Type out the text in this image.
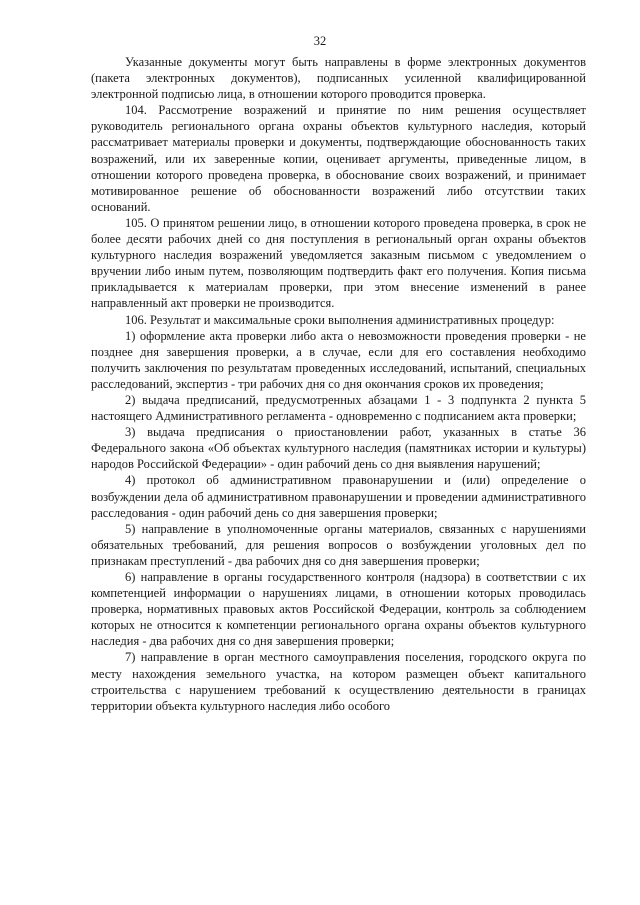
32

Указанные документы могут быть направлены в форме электронных документов (пакета электронных документов), подписанных усиленной квалифицированной электронной подписью лица, в отношении которого проводится проверка.

104. Рассмотрение возражений и принятие по ним решения осуществляет руководитель регионального органа охраны объектов культурного наследия, который рассматривает материалы проверки и документы, подтверждающие обоснованность таких возражений, или их заверенные копии, оценивает аргументы, приведенные лицом, в отношении которого проведена проверка, в обоснование своих возражений, и принимает мотивированное решение об обоснованности возражений либо отсутствии таких оснований.

105. О принятом решении лицо, в отношении которого проведена проверка, в срок не более десяти рабочих дней со дня поступления в региональный орган охраны объектов культурного наследия возражений уведомляется заказным письмом с уведомлением о вручении либо иным путем, позволяющим подтвердить факт его получения. Копия письма прикладывается к материалам проверки, при этом внесение изменений в ранее направленный акт проверки не производится.

106. Результат и максимальные сроки выполнения административных процедур:

1) оформление акта проверки либо акта о невозможности проведения проверки - не позднее дня завершения проверки, а в случае, если для его составления необходимо получить заключения по результатам проведенных исследований, испытаний, специальных расследований, экспертиз - три рабочих дня со дня окончания сроков их проведения;

2) выдача предписаний, предусмотренных абзацами 1 - 3 подпункта 2 пункта 5 настоящего Административного регламента - одновременно с подписанием акта проверки;

3) выдача предписания о приостановлении работ, указанных в статье 36 Федерального закона «Об объектах культурного наследия (памятниках истории и культуры) народов Российской Федерации» - один рабочий день со дня выявления нарушений;

4) протокол об административном правонарушении и (или) определение о возбуждении дела об административном правонарушении и проведении административного расследования - один рабочий день со дня завершения проверки;

5) направление в уполномоченные органы материалов, связанных с нарушениями обязательных требований, для решения вопросов о возбуждении уголовных дел по признакам преступлений - два рабочих дня со дня завершения проверки;

6) направление в органы государственного контроля (надзора) в соответствии с их компетенцией информации о нарушениях лицами, в отношении которых проводилась проверка, нормативных правовых актов Российской Федерации, контроль за соблюдением которых не относится к компетенции регионального органа охраны объектов культурного наследия - два рабочих дня со дня завершения проверки;

7) направление в орган местного самоуправления поселения, городского округа по месту нахождения земельного участка, на котором размещен объект капитального строительства с нарушением требований к осуществлению деятельности в границах территории объекта культурного наследия либо особого
